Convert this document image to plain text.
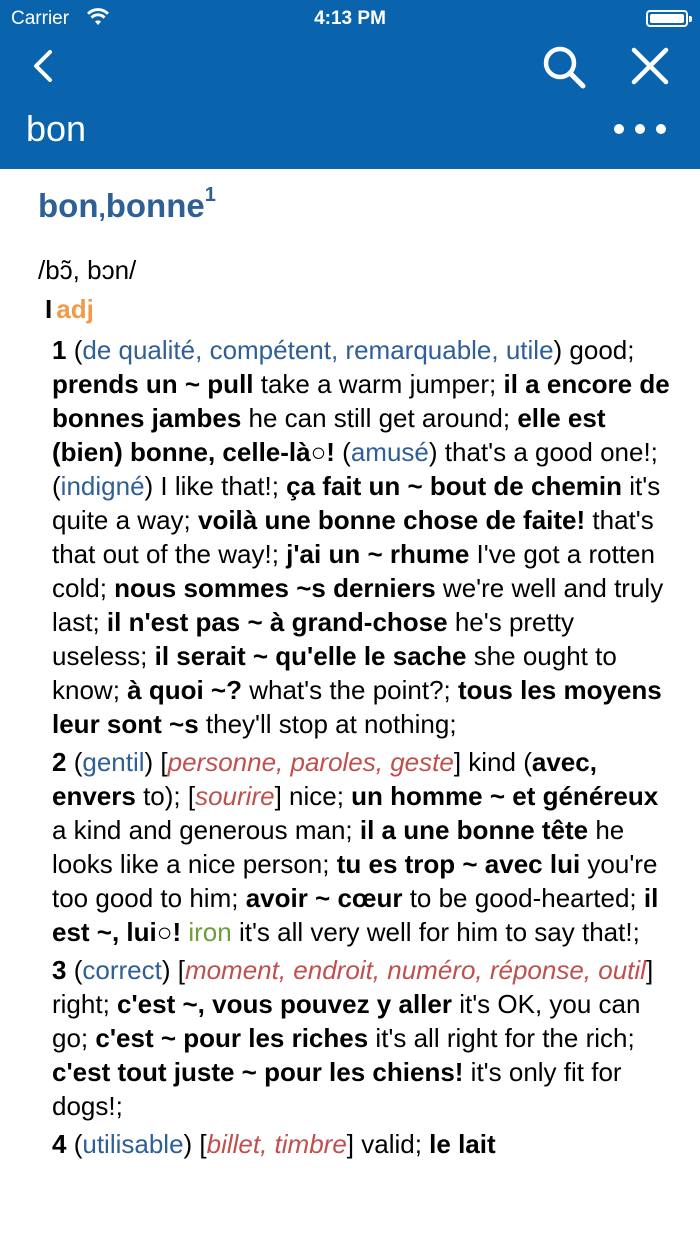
Carrier	4:13 PM
bon
bon,bonne$^1$
/bɔ̃, bɔn/
I adj
1 (de qualité, compétent, remarquable, utile) good; prends un ~ pull take a warm jumper; il a encore de bonnes jambes he can still get around; elle est (bien) bonne, celle-là○! (amusé) that's a good one!; (indigné) I like that!; ça fait un ~ bout de chemin it's quite a way; voilà une bonne chose de faite! that's that out of the way!; j'ai un ~ rhume I've got a rotten cold; nous sommes ~s derniers we're well and truly last; il n'est pas ~ à grand-chose he's pretty useless; il serait ~ qu'elle le sache she ought to know; à quoi ~? what's the point?; tous les moyens leur sont ~s they'll stop at nothing;
2 (gentil) [personne, paroles, geste] kind (avec, envers to); [sourire] nice; un homme ~ et généreux a kind and generous man; il a une bonne tête he looks like a nice person; tu es trop ~ avec lui you're too good to him; avoir ~ cœur to be good-hearted; il est ~, lui○! iron it's all very well for him to say that!;
3 (correct) [moment, endroit, numéro, réponse, outil] right; c'est ~, vous pouvez y aller it's OK, you can go; c'est ~ pour les riches it's all right for the rich; c'est tout juste ~ pour les chiens! it's only fit for dogs!;
4 (utilisable) [billet, timbre] valid; le lait
